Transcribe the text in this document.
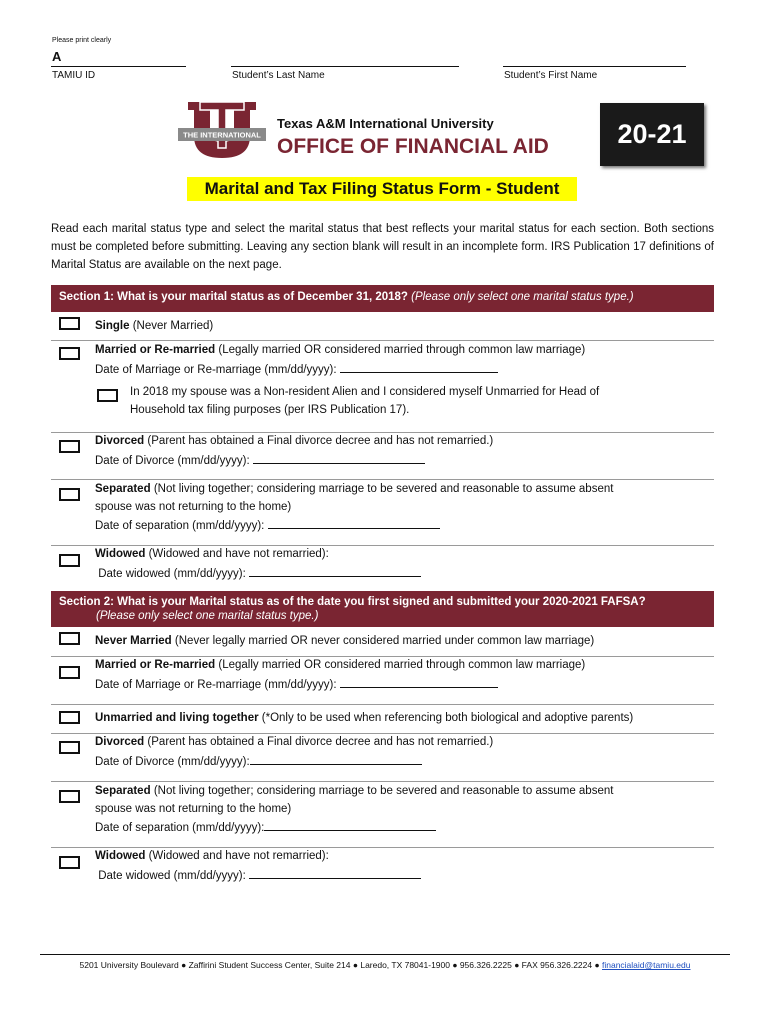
Please print clearly
A
TAMIU ID	Student’s Last Name	Student’s First Name
THE INTERNATIONAL
Texas A&M International University
OFFICE OF FINANCIAL AID	20-21
Marital and Tax Filing Status Form - Student
Read each marital status type and select the marital status that best reflects your marital status for each section. Both sections must be completed before submitting. Leaving any section blank will result in an incomplete form. IRS Publication 17 definitions of Marital Status are available on the next page.
Section 1: What is your marital status as of December 31, 2018? (Please only select one marital status type.)
Single (Never Married)
Married or Re-married (Legally married OR considered married through common law marriage)
Date of Marriage or Re-marriage (mm/dd/yyyy):
In 2018 my spouse was a Non-resident Alien and I considered myself Unmarried for Head of
Household tax filing purposes (per IRS Publication 17).
Divorced (Parent has obtained a Final divorce decree and has not remarried.)
Date of Divorce (mm/dd/yyyy):
Separated (Not living together; considering marriage to be severed and reasonable to assume absent
spouse was not returning to the home)
Date of separation (mm/dd/yyyy):
Widowed (Widowed and have not remarried):
Date widowed (mm/dd/yyyy):
Section 2: What is your Marital status as of the date you first signed and submitted your 2020-2021 FAFSA?
(Please only select one marital status type.)
Never Married (Never legally married OR never considered married under common law marriage)
Married or Re-married (Legally married OR considered married through common law marriage)
Date of Marriage or Re-marriage (mm/dd/yyyy):
Unmarried and living together (*Only to be used when referencing both biological and adoptive parents)
Divorced (Parent has obtained a Final divorce decree and has not remarried.)
Date of Divorce (mm/dd/yyyy):
Separated (Not living together; considering marriage to be severed and reasonable to assume absent
spouse was not returning to the home)
Date of separation (mm/dd/yyyy):
Widowed (Widowed and have not remarried):
Date widowed (mm/dd/yyyy):
5201 University Boulevard ● Zaffirini Student Success Center, Suite 214 ● Laredo, TX 78041-1900 ● 956.326.2225 ● FAX 956.326.2224 ● financialaid@tamiu.edu
